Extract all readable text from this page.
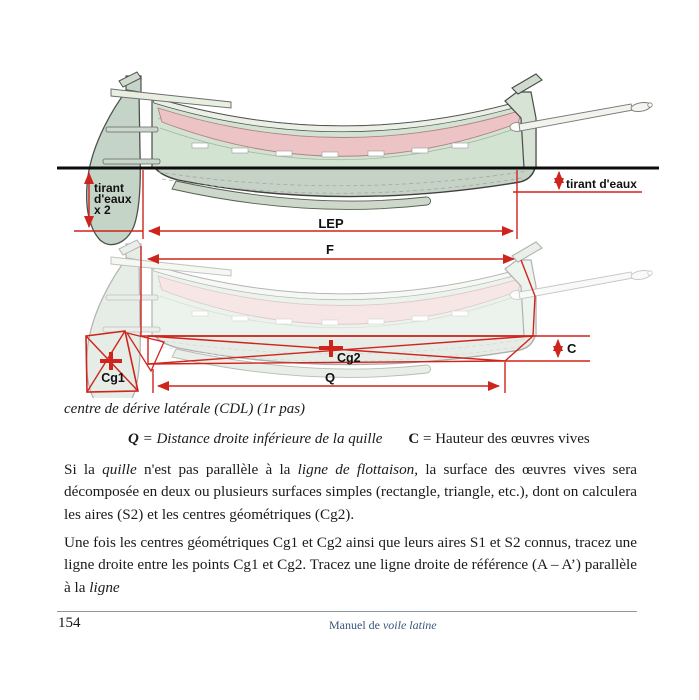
tirant
d'eaux
x 2
LEP
tirant d'eaux
F
Q
C
Cg1
Cg2
centre de dérive latérale (CDL) (1r pas)
Q = Distance droite inférieure de la quille C = Hauteur des œuvres vives

Si la quille n'est pas parallèle à la ligne de flottaison, la surface des œuvres vives sera décomposée en deux ou plusieurs surfaces simples (rectangle, triangle, etc.), dont on calculera les aires (S2) et les centres géométriques (Cg2).

Une fois les centres géométriques Cg1 et Cg2 ainsi que leurs aires S1 et S2 connus, tracez une ligne droite entre les points Cg1 et Cg2. Tracez une ligne droite de référence (A – A’) parallèle à la ligne

154	Manuel de voile latine
